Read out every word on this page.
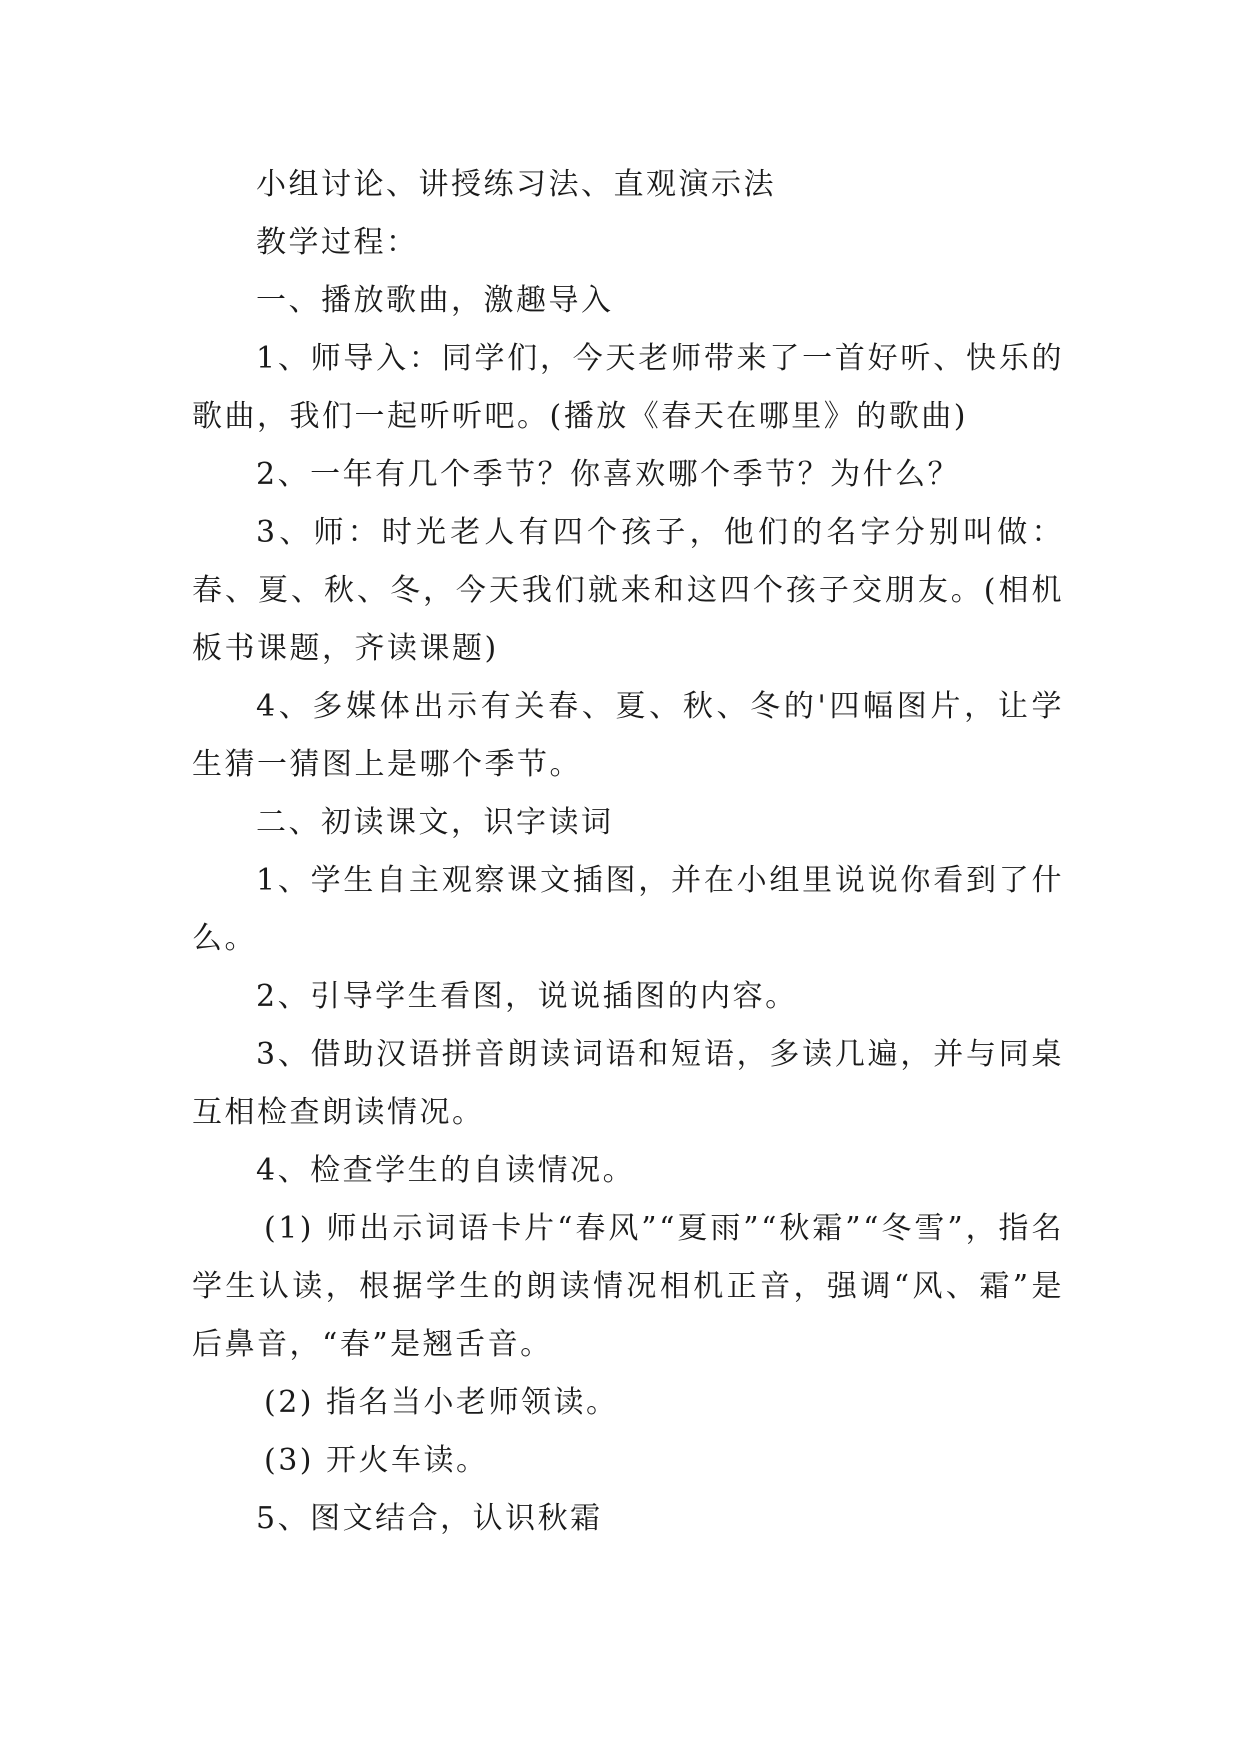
小组讨论、讲授练习法、直观演示法

教学过程：

一、播放歌曲，激趣导入

1、师导入：同学们，今天老师带来了一首好听、快乐的歌曲，我们一起听听吧。(播放《春天在哪里》的歌曲)

2、一年有几个季节？你喜欢哪个季节？为什么？

3、师：时光老人有四个孩子，他们的名字分别叫做：春、夏、秋、冬，今天我们就来和这四个孩子交朋友。(相机板书课题，齐读课题)

4、多媒体出示有关春、夏、秋、冬的'四幅图片，让学生猜一猜图上是哪个季节。

二、初读课文，识字读词

1、学生自主观察课文插图，并在小组里说说你看到了什么。

2、引导学生看图，说说插图的内容。

3、借助汉语拼音朗读词语和短语，多读几遍，并与同桌互相检查朗读情况。

4、检查学生的自读情况。

(1) 师出示词语卡片“春风”“夏雨”“秋霜”“冬雪”，指名学生认读，根据学生的朗读情况相机正音，强调“风、霜”是后鼻音，“春”是翘舌音。

(2) 指名当小老师领读。

(3) 开火车读。

5、图文结合，认识秋霜
